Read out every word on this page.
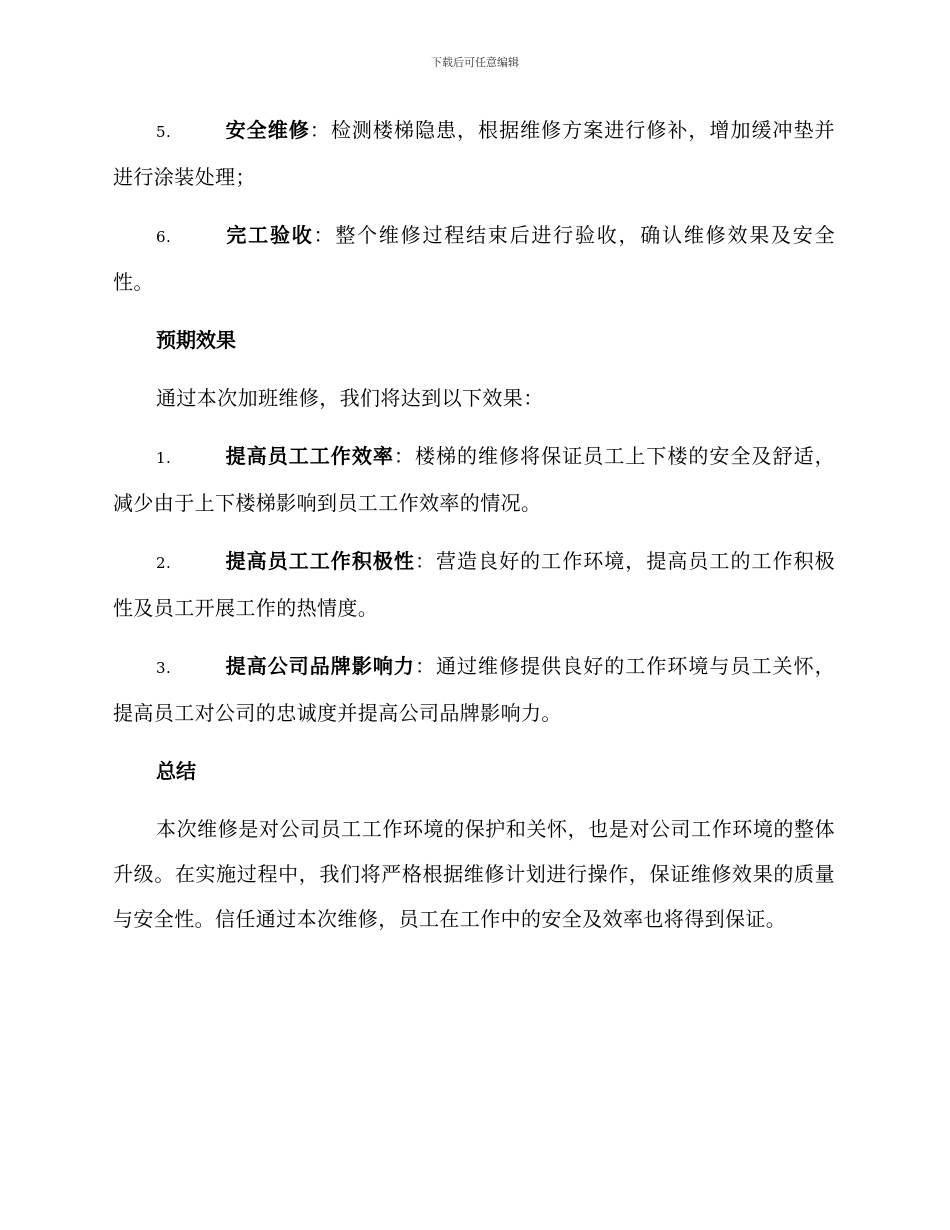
下载后可任意编辑

5.	安全维修：检测楼梯隐患，根据维修方案进行修补，增加缓冲垫并进行涂装处理；

6.	完工验收：整个维修过程结束后进行验收，确认维修效果及安全性。

预期效果

通过本次加班维修，我们将达到以下效果：

1.	提高员工工作效率：楼梯的维修将保证员工上下楼的安全及舒适，减少由于上下楼梯影响到员工工作效率的情况。

2.	提高员工工作积极性：营造良好的工作环境，提高员工的工作积极性及员工开展工作的热情度。

3.	提高公司品牌影响力：通过维修提供良好的工作环境与员工关怀，提高员工对公司的忠诚度并提高公司品牌影响力。

总结

本次维修是对公司员工工作环境的保护和关怀，也是对公司工作环境的整体升级。在实施过程中，我们将严格根据维修计划进行操作，保证维修效果的质量与安全性。信任通过本次维修，员工在工作中的安全及效率也将得到保证。
